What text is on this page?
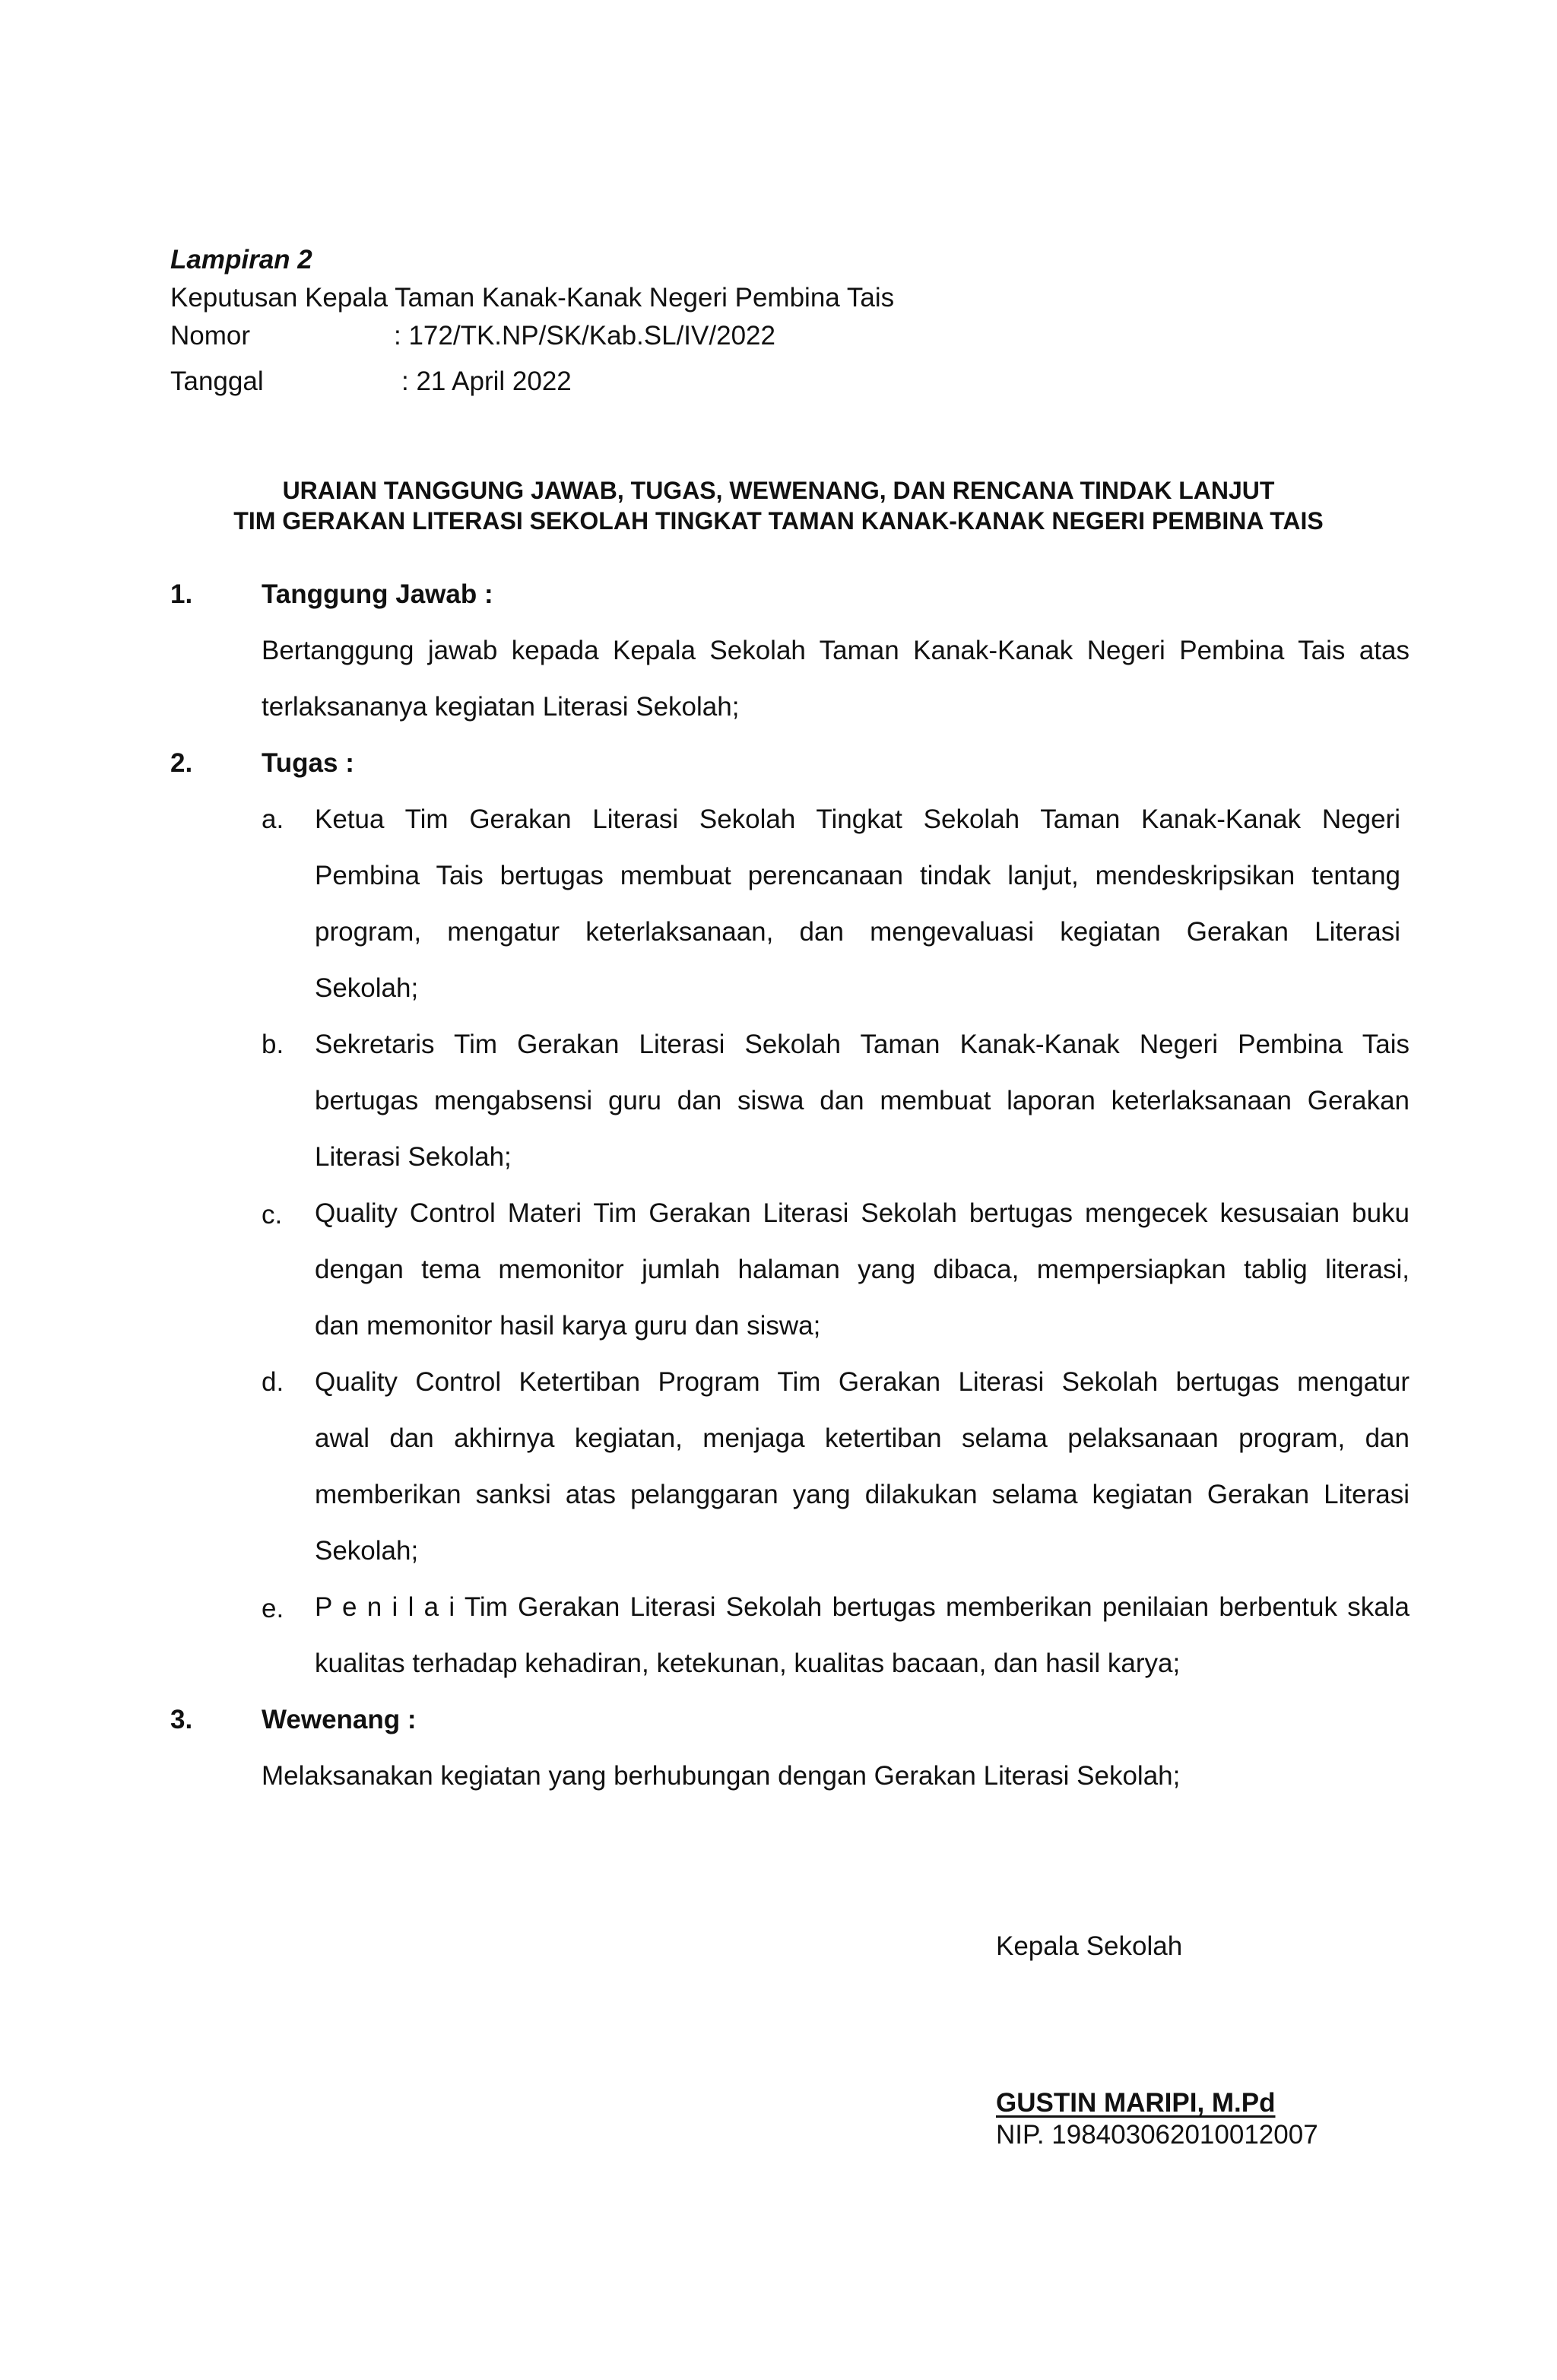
Lampiran 2
Keputusan Kepala Taman Kanak-Kanak Negeri Pembina Tais
Nomor	: 172/TK.NP/SK/Kab.SL/IV/2022
Tanggal	: 21 April 2022
URAIAN TANGGUNG JAWAB, TUGAS, WEWENANG, DAN RENCANA TINDAK LANJUT
TIM GERAKAN LITERASI SEKOLAH TINGKAT TAMAN KANAK-KANAK NEGERI PEMBINA TAIS
1.	Tanggung Jawab :
Bertanggung jawab kepada Kepala Sekolah Taman Kanak-Kanak Negeri Pembina Tais atas
terlaksananya kegiatan Literasi Sekolah;
2.	Tugas :
a. Ketua Tim Gerakan Literasi Sekolah Tingkat Sekolah Taman Kanak-Kanak Negeri
Pembina Tais bertugas membuat perencanaan tindak lanjut, mendeskripsikan tentang
program, mengatur keterlaksanaan, dan mengevaluasi kegiatan Gerakan Literasi
Sekolah;
b. Sekretaris Tim Gerakan Literasi Sekolah Taman Kanak-Kanak Negeri Pembina Tais
bertugas mengabsensi guru dan siswa dan membuat laporan keterlaksanaan Gerakan
Literasi Sekolah;
c. Quality Control Materi Tim Gerakan Literasi Sekolah bertugas mengecek kesusaian buku
dengan tema memonitor jumlah halaman yang dibaca, mempersiapkan tablig literasi,
dan memonitor hasil karya guru dan siswa;
d. Quality Control Ketertiban Program Tim Gerakan Literasi Sekolah bertugas mengatur
awal dan akhirnya kegiatan, menjaga ketertiban selama pelaksanaan program, dan
memberikan sanksi atas pelanggaran yang dilakukan selama kegiatan Gerakan Literasi
Sekolah;
e. P e n i l a i Tim Gerakan Literasi Sekolah bertugas memberikan penilaian berbentuk skala
kualitas terhadap kehadiran, ketekunan, kualitas bacaan, dan hasil karya;
3.	Wewenang :
Melaksanakan kegiatan yang berhubungan dengan Gerakan Literasi Sekolah;
Kepala Sekolah
GUSTIN MARIPI, M.Pd
NIP. 198403062010012007
